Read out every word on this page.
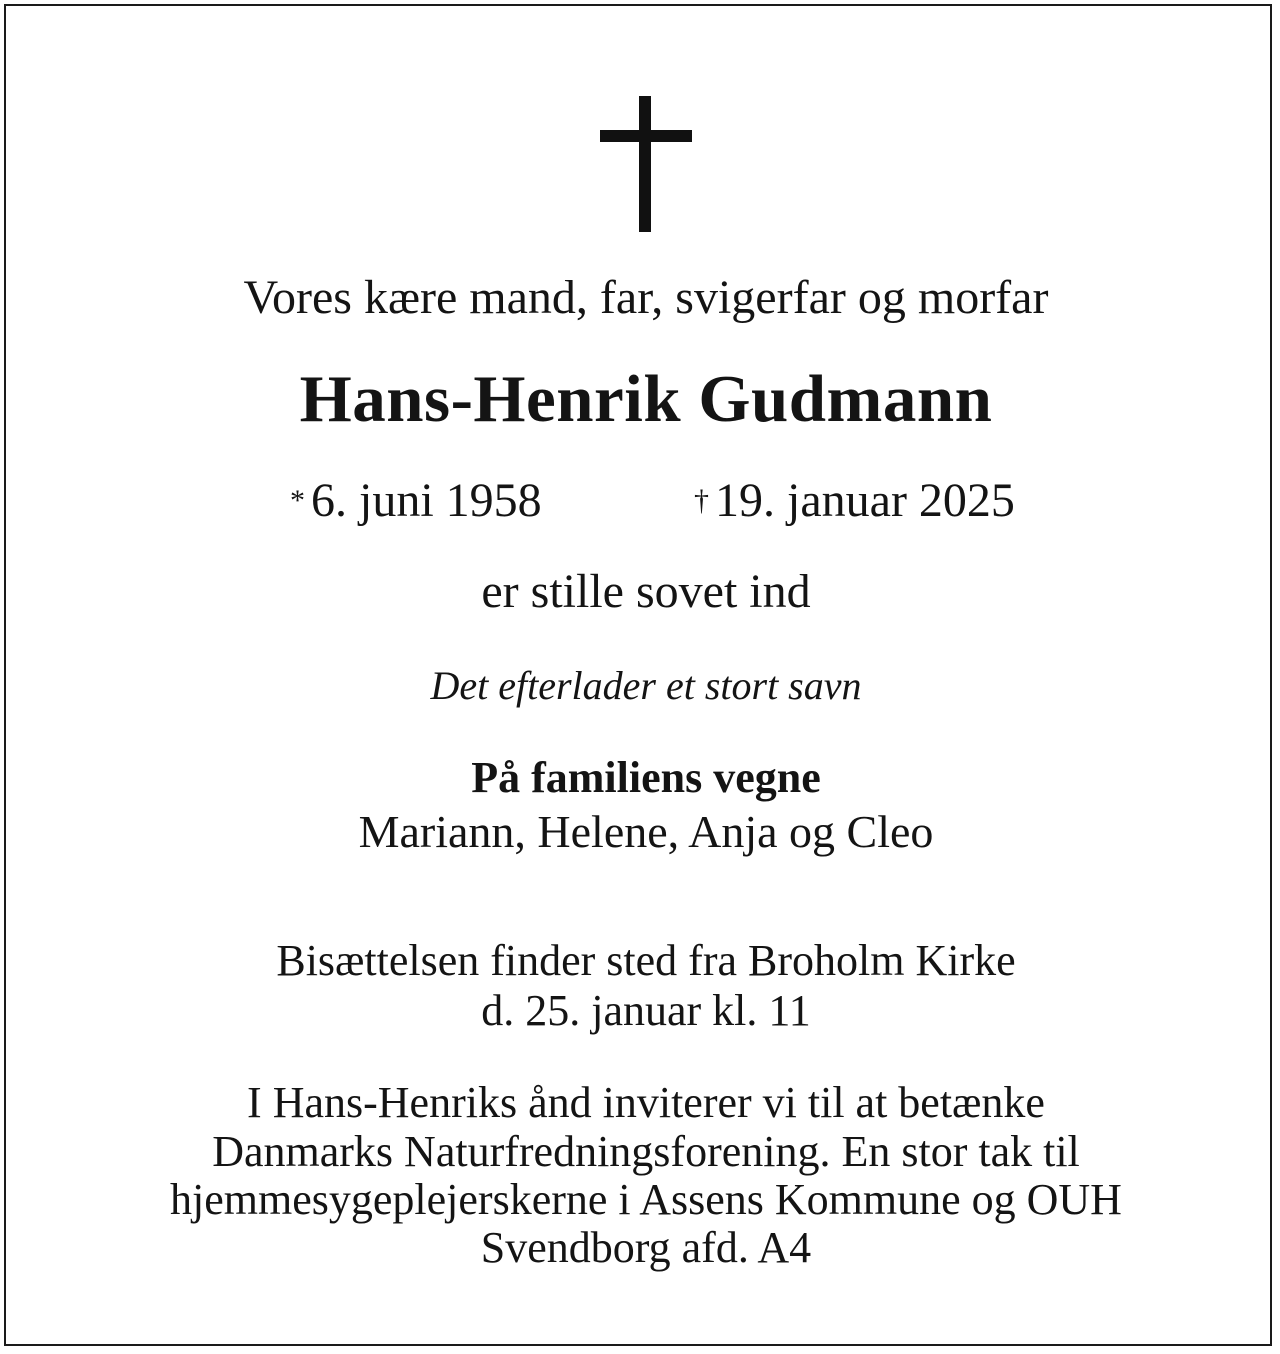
Vores kære mand, far, svigerfar og morfar
Hans-Henrik Gudmann
* 6. juni 1958	† 19. januar 2025
er stille sovet ind
Det efterlader et stort savn
På familiens vegne
Mariann, Helene, Anja og Cleo
Bisættelsen finder sted fra Broholm Kirke
d. 25. januar kl. 11
I Hans-Henriks ånd inviterer vi til at betænke
Danmarks Naturfredningsforening. En stor tak til
hjemmesygeplejerskerne i Assens Kommune og OUH
Svendborg afd. A4
